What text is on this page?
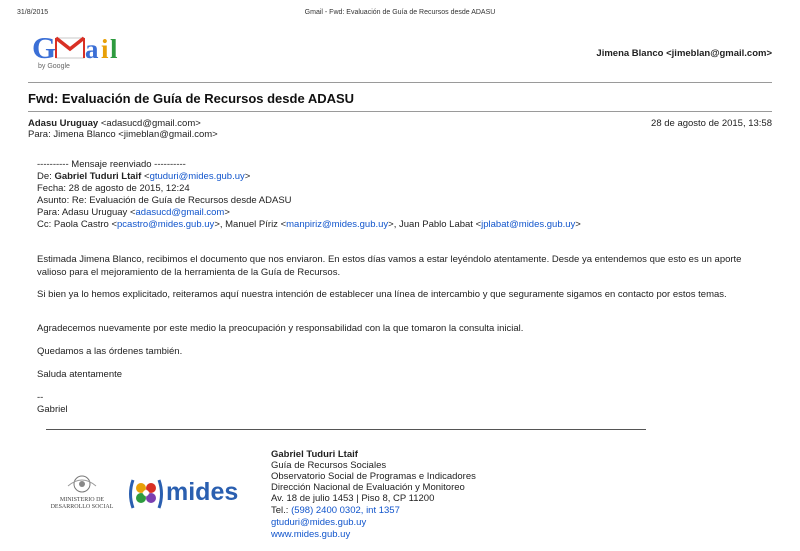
31/8/2015	Gmail - Fwd: Evaluación de Guía de Recursos desde ADASU
G a i l
by Google
Jimena Blanco <jimeblan@gmail.com>
Fwd: Evaluación de Guía de Recursos desde ADASU
Adasu Uruguay <adasucd@gmail.com>	28 de agosto de 2015, 13:58
Para: Jimena Blanco <jimeblan@gmail.com>
---------- Mensaje reenviado ----------
De: Gabriel Tuduri Ltaif <gtuduri@mides.gub.uy>
Fecha: 28 de agosto de 2015, 12:24
Asunto: Re: Evaluación de Guía de Recursos desde ADASU
Para: Adasu Uruguay <adasucd@gmail.com>
Cc: Paola Castro <pcastro@mides.gub.uy>, Manuel Píriz <manpiriz@mides.gub.uy>, Juan Pablo Labat <jplabat@mides.gub.uy>
Estimada Jimena Blanco, recibimos el documento que nos enviaron. En estos días vamos a estar leyéndolo atentamente. Desde ya entendemos que esto es un aporte valioso para el mejoramiento de la herramienta de la Guía de Recursos.
Si bien ya lo hemos explicitado, reiteramos aquí nuestra intención de establecer una línea de intercambio y que seguramente sigamos en contacto por estos temas.
Agradecemos nuevamente por este medio la preocupación y responsabilidad con la que tomaron la consulta inicial.
Quedamos a las órdenes también.
Saluda atentamente
--
Gabriel
MINISTERIO DE
DESARROLLO SOCIAL
mides
Gabriel Tuduri Ltaif
Guía de Recursos Sociales
Observatorio Social de Programas e Indicadores
Dirección Nacional de Evaluación y Monitoreo
Av. 18 de julio 1453 | Piso 8, CP 11200
Tel.: (598) 2400 0302, int 1357
gtuduri@mides.gub.uy
www.mides.gub.uy
